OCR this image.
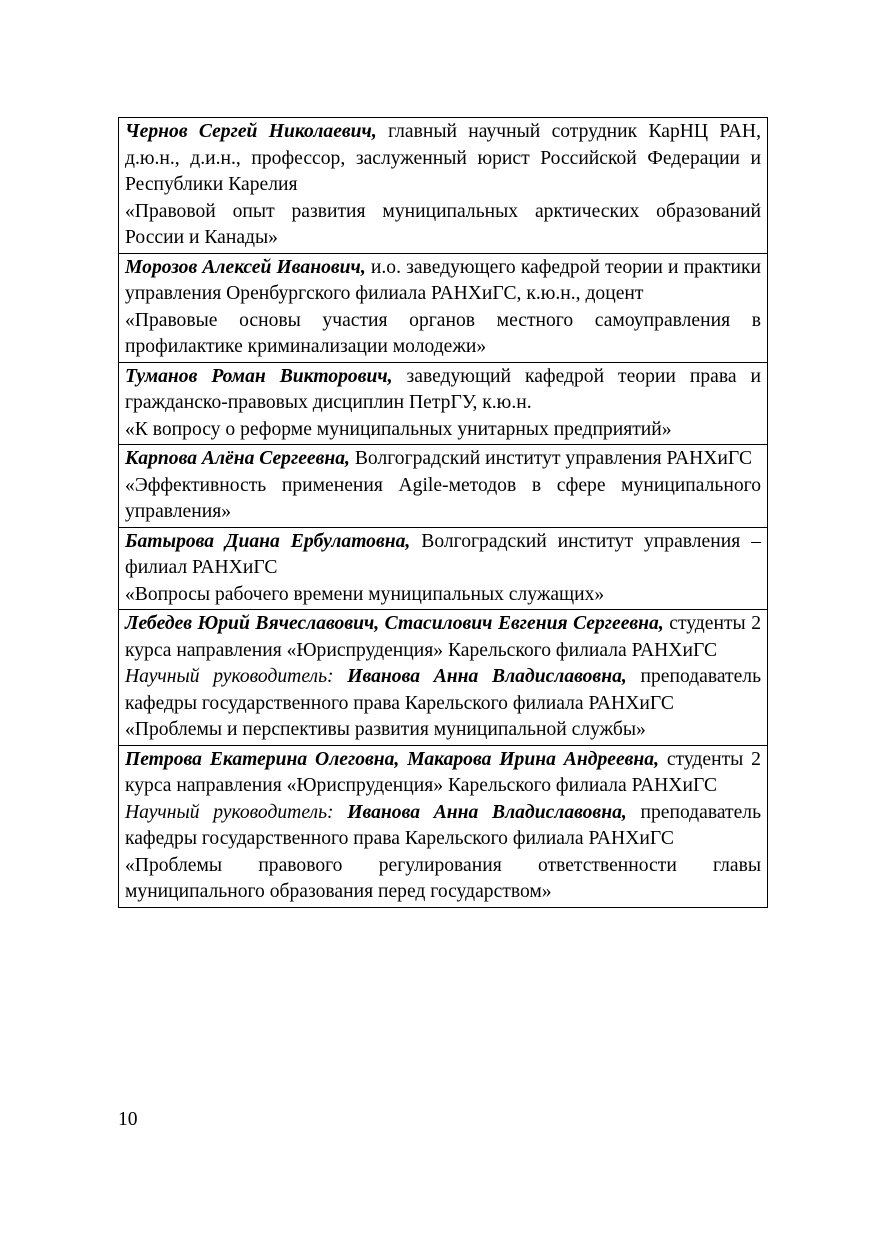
Чернов Сергей Николаевич, главный научный сотрудник КарНЦ РАН, д.ю.н., д.и.н., профессор, заслуженный юрист Российской Федерации и Республики Карелия

«Правовой опыт развития муниципальных арктических образований России и Канады»

Морозов Алексей Иванович, и.о. заведующего кафедрой теории и практики управления Оренбургского филиала РАНХиГС, к.ю.н., доцент

«Правовые основы участия органов местного самоуправления в профилактике криминализации молодежи»

Туманов Роман Викторович, заведующий кафедрой теории права и гражданско-правовых дисциплин ПетрГУ, к.ю.н.

«К вопросу о реформе муниципальных унитарных предприятий»

Карпова Алёна Сергеевна, Волгоградский институт управления РАНХиГС

«Эффективность применения Agile-методов в сфере муниципального управления»

Батырова Диана Ербулатовна, Волгоградский институт управления – филиал РАНХиГС

«Вопросы рабочего времени муниципальных служащих»

Лебедев Юрий Вячеславович, Стасилович Евгения Сергеевна, студенты 2 курса направления «Юриспруденция» Карельского филиала РАНХиГС

Научный руководитель: Иванова Анна Владиславовна, преподаватель кафедры государственного права Карельского филиала РАНХиГС

«Проблемы и перспективы развития муниципальной службы»

Петрова Екатерина Олеговна, Макарова Ирина Андреевна, студенты 2 курса направления «Юриспруденция» Карельского филиала РАНХиГС

Научный руководитель: Иванова Анна Владиславовна, преподаватель кафедры государственного права Карельского филиала РАНХиГС

«Проблемы правового регулирования ответственности главы муниципального образования перед государством»

10
